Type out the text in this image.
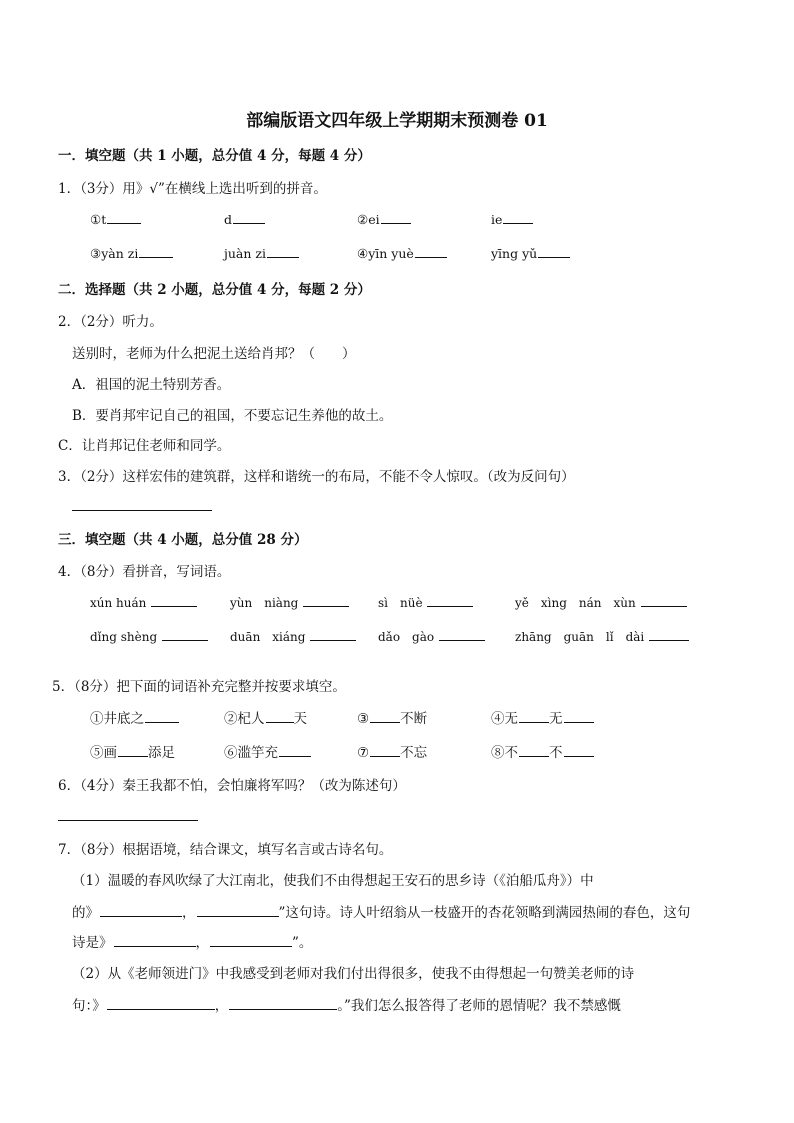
部编版语文四年级上学期期末预测卷 01
一．填空题（共 1 小题，总分值 4 分，每题 4 分）
1．（3分）用》√”在横线上选出听到的拼音。
①t	d	②ei	ie
③yàn zi	juàn zi	④yīn yuè	yīng yǔ
二．选择题（共 2 小题，总分值 4 分，每题 2 分）
2．（2分）听力。
送别时，老师为什么把泥土送给肖邦？（　　）
A．祖国的泥土特别芳香。
B．要肖邦牢记自己的祖国，不要忘记生养他的故土。
C．让肖邦记住老师和同学。
3．（2分）这样宏伟的建筑群，这样和谐统一的布局，不能不令人惊叹。（改为反问句）
三．填空题（共 4 小题，总分值 28 分）
4．（8分）看拼音，写词语。
xún huán	yùn　niàng	sì　nüè	yě　xìng　nán　xùn
dǐng shèng	duān　xiáng	dǎo　gào	zhāng　guān　lǐ　dài
5．（8分）把下面的词语补充完整并按要求填空。
①井底之	②杞人 天	③ 不断	④无 无
⑤画 添足	⑥滥竽充	⑦ 不忘	⑧不 不
6．（4分）秦王我都不怕，会怕廉将军吗？（改为陈述句）
7．（8分）根据语境，结合课文，填写名言或古诗名句。
（1）温暖的春风吹绿了大江南北，使我们不由得想起王安石的思乡诗（《泊船瓜舟》）中
的》	，	”这句诗。诗人叶绍翁从一枝盛开的杏花领略到满园热闹的春色，这句
诗是》	，	”。
（2）从《老师领进门》中我感受到老师对我们付出得很多，使我不由得想起一句赞美老师的诗
句：》	，	。”我们怎么报答得了老师的恩情呢？我不禁感慨
